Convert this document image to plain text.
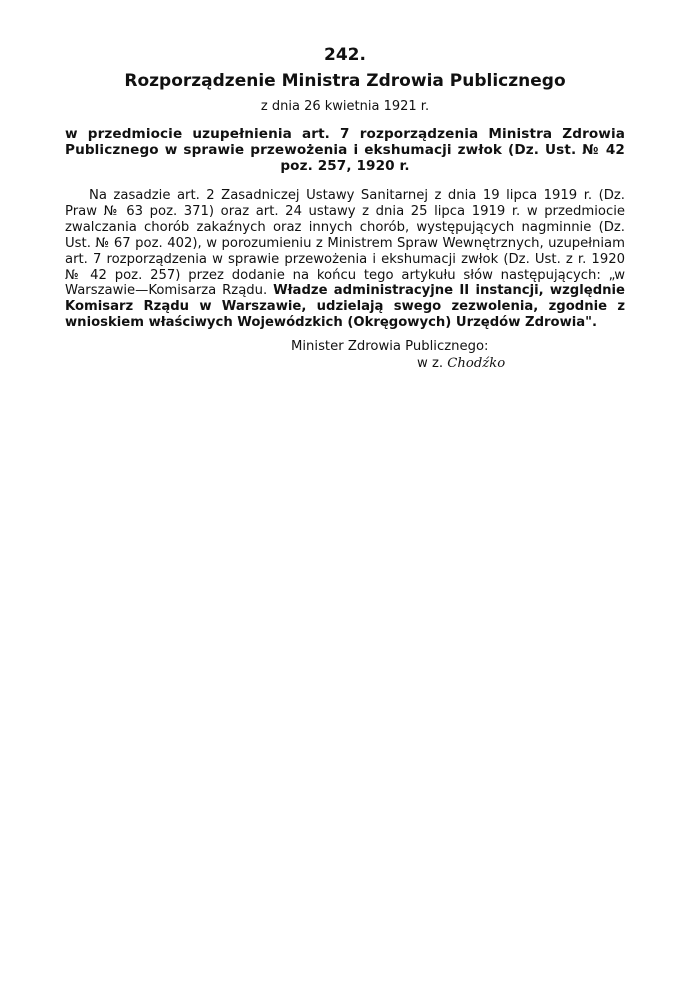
242.
Rozporządzenie Ministra Zdrowia Publicznego
z dnia 26 kwietnia 1921 r.
w przedmiocie uzupełnienia art. 7 rozporządzenia Ministra Zdrowia Publicznego w sprawie przewożenia i ekshumacji zwłok (Dz. Ust. № 42 poz. 257, 1920 r.
Na zasadzie art. 2 Zasadniczej Ustawy Sanitarnej z dnia 19 lipca 1919 r. (Dz. Praw № 63 poz. 371) oraz art. 24 ustawy z dnia 25 lipca 1919 r. w przedmiocie zwalczania chorób zakaźnych oraz innych chorób, występujących nagminnie (Dz. Ust. № 67 poz. 402), w porozumieniu z Ministrem Spraw Wewnętrznych, uzupełniam art. 7 rozporządzenia w sprawie przewożenia i ekshumacji zwłok (Dz. Ust. z r. 1920 № 42 poz. 257) przez dodanie na końcu tego artykułu słów następujących: „w Warszawie—Komisarza Rządu. Władze administracyjne II instancji, względnie Komisarz Rządu w Warszawie, udzielają swego zezwolenia, zgodnie z wnioskiem właściwych Wojewódzkich (Okręgowych) Urzędów Zdrowia".
Minister Zdrowia Publicznego:
w z. Chodźko
